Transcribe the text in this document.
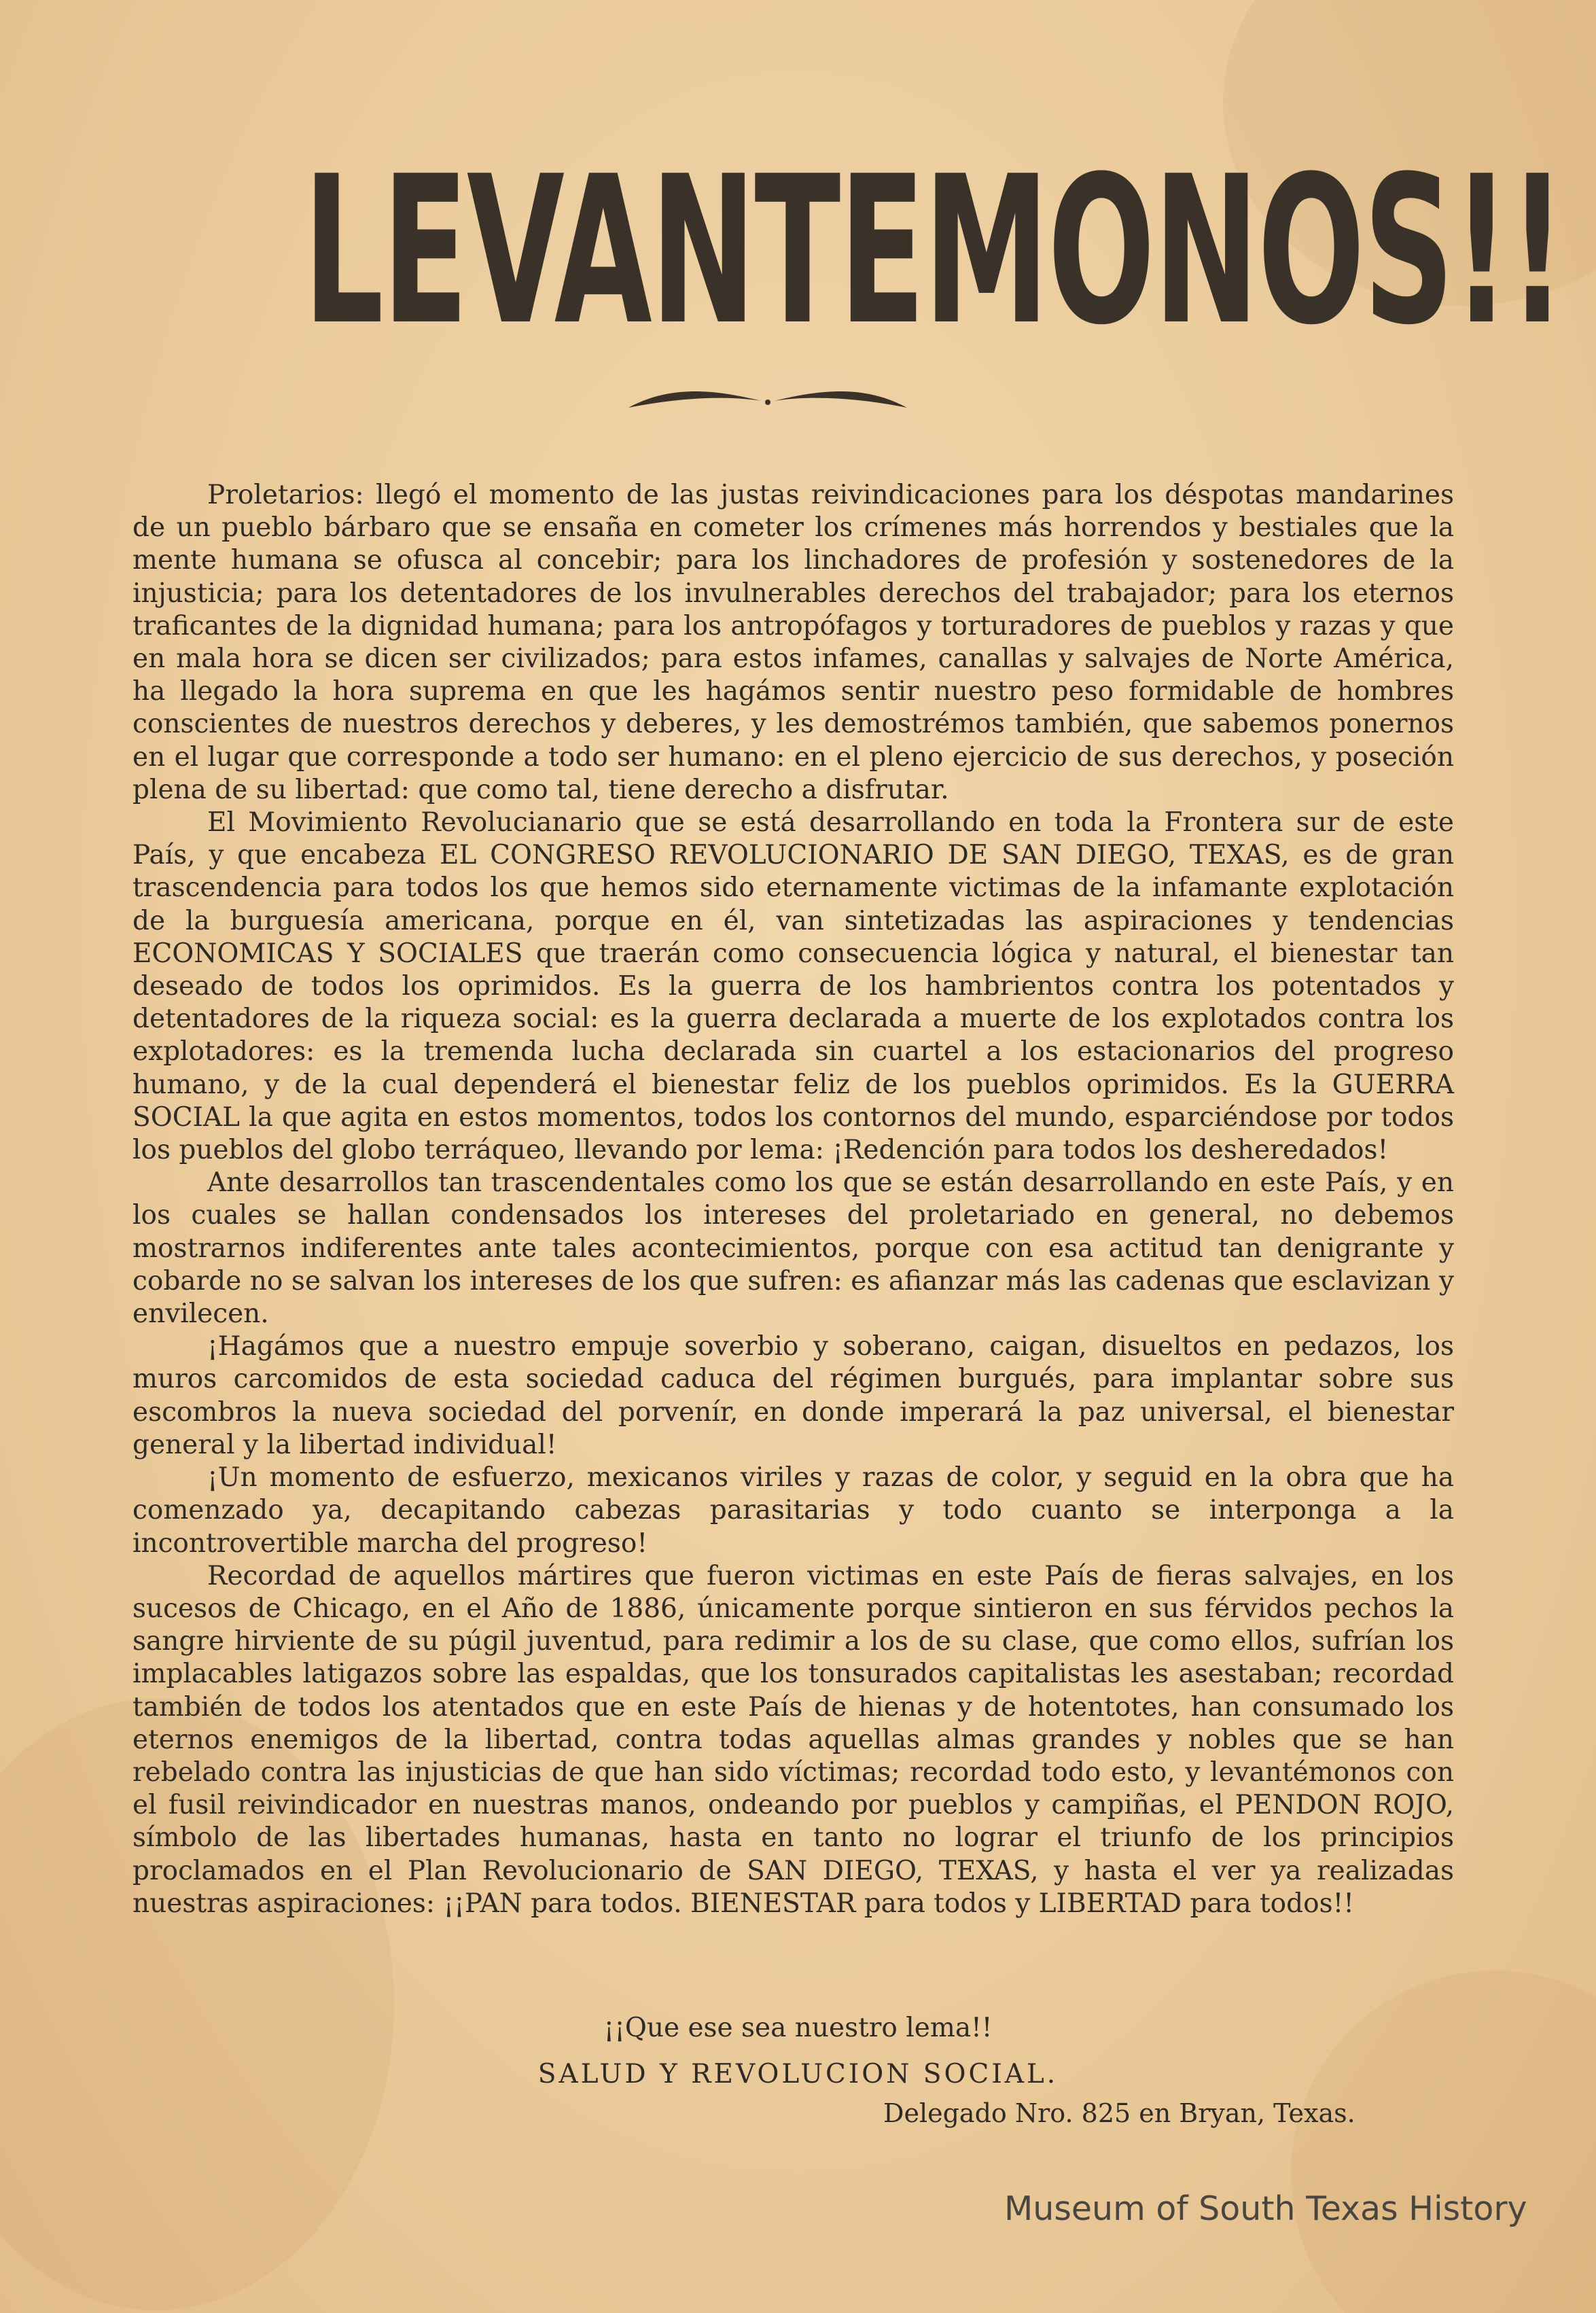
LEVANTEMONOS!!

Proletarios: llegó el momento de las justas reivindicaciones para los déspotas mandarines de un pueblo bárbaro que se ensaña en cometer los crímenes más horrendos y bestiales que la mente humana se ofusca al concebir; para los linchadores de profesión y sostenedores de la injusticia; para los detentadores de los invulnerables derechos del trabajador; para los eternos traficantes de la dignidad humana; para los antropófagos y torturadores de pueblos y razas y que en mala hora se dicen ser civilizados; para estos infames, canallas y salvajes de Norte América, ha llegado la hora suprema en que les hagámos sentir nuestro peso formidable de hombres conscientes de nuestros derechos y deberes, y les demostrémos también, que sabemos ponernos en el lugar que corresponde a todo ser humano: en el pleno ejercicio de sus derechos, y poseción plena de su libertad: que como tal, tiene derecho a disfrutar.

El Movimiento Revolucianario que se está desarrollando en toda la Frontera sur de este País, y que encabeza EL CONGRESO REVOLUCIONARIO DE SAN DIEGO, TEXAS, es de gran trascendencia para todos los que hemos sido eternamente victimas de la infamante explotación de la burguesía americana, porque en él, van sintetizadas las aspiraciones y tendencias ECONOMICAS Y SOCIALES que traerán como consecuencia lógica y natural, el bienestar tan deseado de todos los oprimidos. Es la guerra de los hambrientos contra los potentados y detentadores de la riqueza social: es la guerra declarada a muerte de los explotados contra los explotadores: es la tremenda lucha declarada sin cuartel a los estacionarios del progreso humano, y de la cual dependerá el bienestar feliz de los pueblos oprimidos. Es la GUERRA SOCIAL la que agita en estos momentos, todos los contornos del mundo, esparciéndose por todos los pueblos del globo terráqueo, llevando por lema: ¡Redención para todos los desheredados!

Ante desarrollos tan trascendentales como los que se están desarrollando en este País, y en los cuales se hallan condensados los intereses del proletariado en general, no debemos mostrarnos indiferentes ante tales acontecimientos, porque con esa actitud tan denigrante y cobarde no se salvan los intereses de los que sufren: es afianzar más las cadenas que esclavizan y envilecen.

¡Hagámos que a nuestro empuje soverbio y soberano, caigan, disueltos en pedazos, los muros carcomidos de esta sociedad caduca del régimen burgués, para implantar sobre sus escombros la nueva sociedad del porvenír, en donde imperará la paz universal, el bienestar general y la libertad individual!

¡Un momento de esfuerzo, mexicanos viriles y razas de color, y seguid en la obra que ha comenzado ya, decapitando cabezas parasitarias y todo cuanto se interponga a la incontrovertible marcha del progreso!

Recordad de aquellos mártires que fueron victimas en este País de fieras salvajes, en los sucesos de Chicago, en el Año de 1886, únicamente porque sintieron en sus férvidos pechos la sangre hirviente de su púgil juventud, para redimir a los de su clase, que como ellos, sufrían los implacables latigazos sobre las espaldas, que los tonsurados capitalistas les asestaban; recordad también de todos los atentados que en este País de hienas y de hotentotes, han consumado los eternos enemigos de la libertad, contra todas aquellas almas grandes y nobles que se han rebelado contra las injusticias de que han sido víctimas; recordad todo esto, y levantémonos con el fusil reivindicador en nuestras manos, ondeando por pueblos y campiñas, el PENDON ROJO, símbolo de las libertades humanas, hasta en tanto no lograr el triunfo de los principios proclamados en el Plan Revolucionario de SAN DIEGO, TEXAS, y hasta el ver ya realizadas nuestras aspiraciones: ¡¡PAN para todos. BIENESTAR para todos y LIBERTAD para todos!!

¡¡Que ese sea nuestro lema!!
SALUD Y REVOLUCION SOCIAL.
Delegado Nro. 825 en Bryan, Texas.
Museum of South Texas History
